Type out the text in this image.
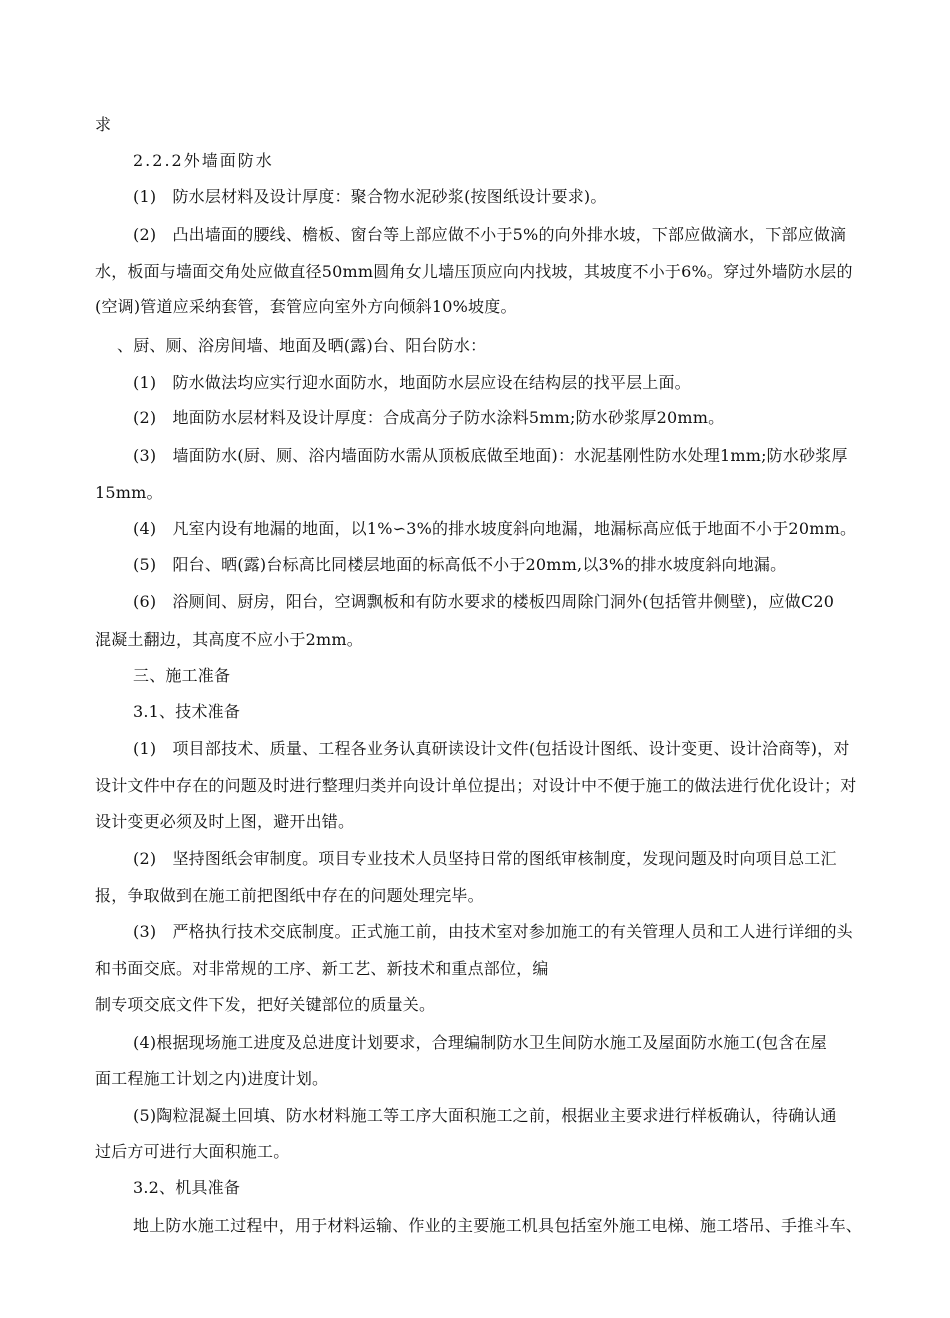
求
2.2.2外墙面防水
(1)　防水层材料及设计厚度：聚合物水泥砂浆(按图纸设计要求)。
(2)　凸出墙面的腰线、檐板、窗台等上部应做不小于5%的向外排水坡，下部应做滴水，下部应做滴
水，板面与墙面交角处应做直径50mm圆角女儿墙压顶应向内找坡，其坡度不小于6%。穿过外墙防水层的
(空调)管道应采纳套管，套管应向室外方向倾斜10%坡度。
、厨、厕、浴房间墙、地面及晒(露)台、阳台防水：
(1)　防水做法均应实行迎水面防水，地面防水层应设在结构层的找平层上面。
(2)　地面防水层材料及设计厚度：合成高分子防水涂料5mm;防水砂浆厚20mm。
(3)　墙面防水(厨、厕、浴内墙面防水需从顶板底做至地面)：水泥基刚性防水处理1mm;防水砂浆厚
15mm。
(4)　凡室内设有地漏的地面，以1%∽3%的排水坡度斜向地漏，地漏标高应低于地面不小于20mm。
(5)　阳台、晒(露)台标高比同楼层地面的标高低不小于20mm,以3%的排水坡度斜向地漏。
(6)　浴厕间、厨房，阳台，空调飘板和有防水要求的楼板四周除门洞外(包括管井侧壁)，应做C20
混凝土翻边，其高度不应小于2mm。
三、施工准备
3.1、技术准备
(1)　项目部技术、质量、工程各业务认真研读设计文件(包括设计图纸、设计变更、设计洽商等)，对
设计文件中存在的问题及时进行整理归类并向设计单位提出；对设计中不便于施工的做法进行优化设计；对
设计变更必须及时上图，避开出错。
(2)　坚持图纸会审制度。项目专业技术人员坚持日常的图纸审核制度，发现问题及时向项目总工汇
报，争取做到在施工前把图纸中存在的问题处理完毕。
(3)　严格执行技术交底制度。正式施工前，由技术室对参加施工的有关管理人员和工人进行详细的头
和书面交底。对非常规的工序、新工艺、新技术和重点部位，编
制专项交底文件下发，把好关键部位的质量关。
(4)根据现场施工进度及总进度计划要求，合理编制防水卫生间防水施工及屋面防水施工(包含在屋
面工程施工计划之内)进度计划。
(5)陶粒混凝土回填、防水材料施工等工序大面积施工之前，根据业主要求进行样板确认，待确认通
过后方可进行大面积施工。
3.2、机具准备
地上防水施工过程中，用于材料运输、作业的主要施工机具包括室外施工电梯、施工塔吊、手推斗车、
